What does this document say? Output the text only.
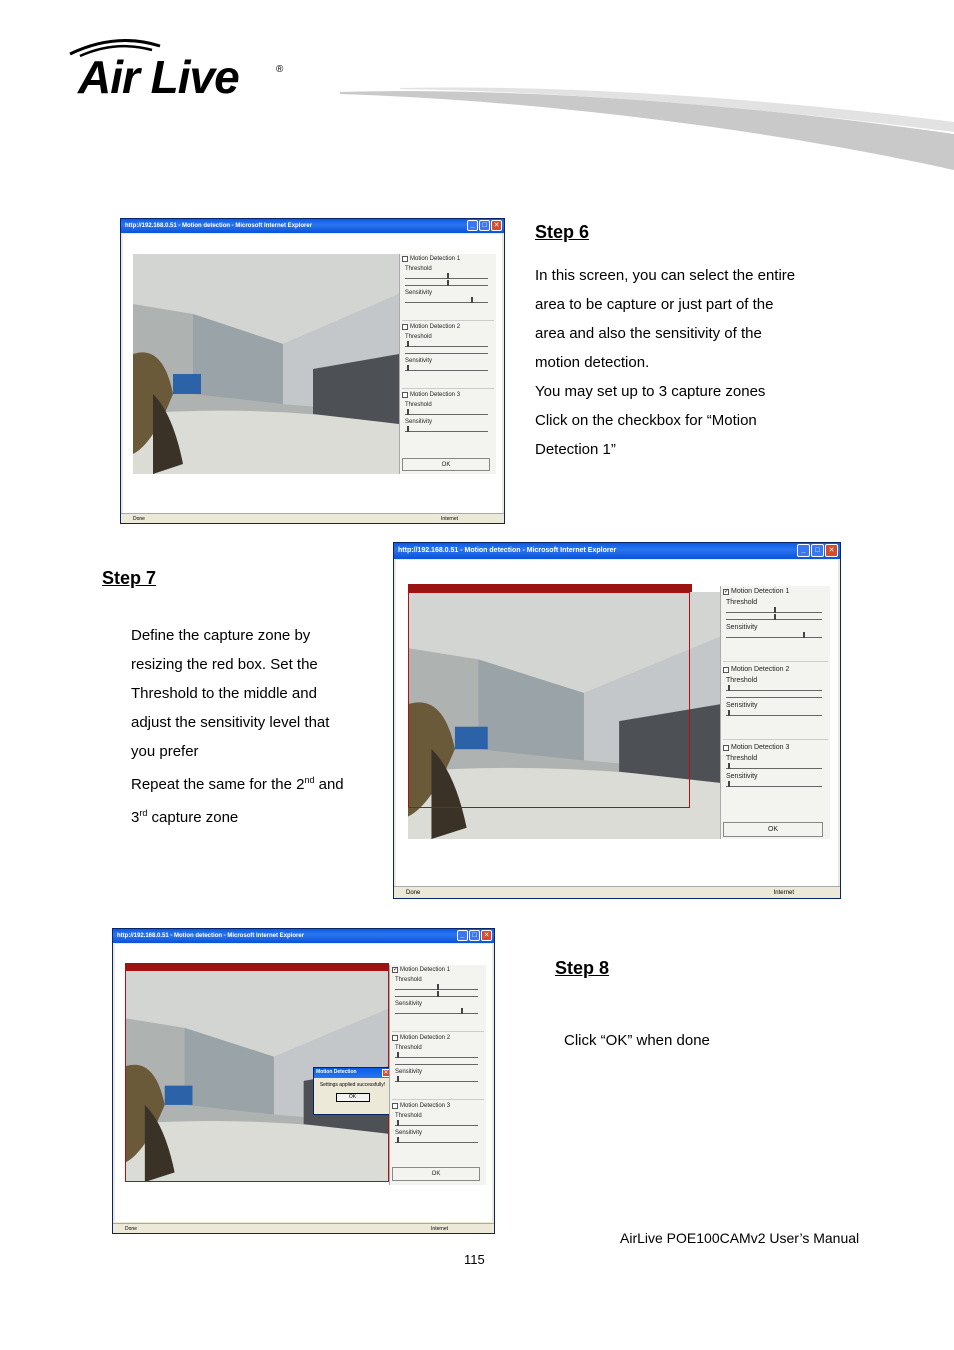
Air Live	®
http://192.168.0.51 - Motion detection - Microsoft Internet Explorer	_	□ ✕
Motion Detection 1
Threshold
Sensitivity
Motion Detection 2
Threshold
Sensitivity
Motion Detection 3
Threshold
Sensitivity
OK
Done	Internet
Step 6
In this screen, you can select the entire
area to be capture or just part of the
area and also the sensitivity of the
motion detection.
You may set up to 3 capture zones
Click on the checkbox for “Motion
Detection 1”
Step 7
Define the capture zone by
resizing the red box. Set the
Threshold to the middle and
adjust the sensitivity level that
you prefer
Repeat the same for the 2nd and
3rd capture zone
http://192.168.0.51 - Motion detection - Microsoft Internet Explorer	_	□	✕
✓ Motion Detection 1
Threshold
Sensitivity
Motion Detection 2
Threshold
Sensitivity
Motion Detection 3
Threshold
Sensitivity
OK
Done	Internet
http://192.168.0.51 - Motion detection - Microsoft Internet Explorer	_	□ ✕
Motion Detection	✕
Settings applied successfully!
OK
✓ Motion Detection 1
Threshold
Sensitivity
Motion Detection 2
Threshold
Sensitivity
Motion Detection 3
Threshold
Sensitivity
OK
Done	Internet
Step 8
Click “OK” when done
AirLive POE100CAMv2 User’s Manual
115
